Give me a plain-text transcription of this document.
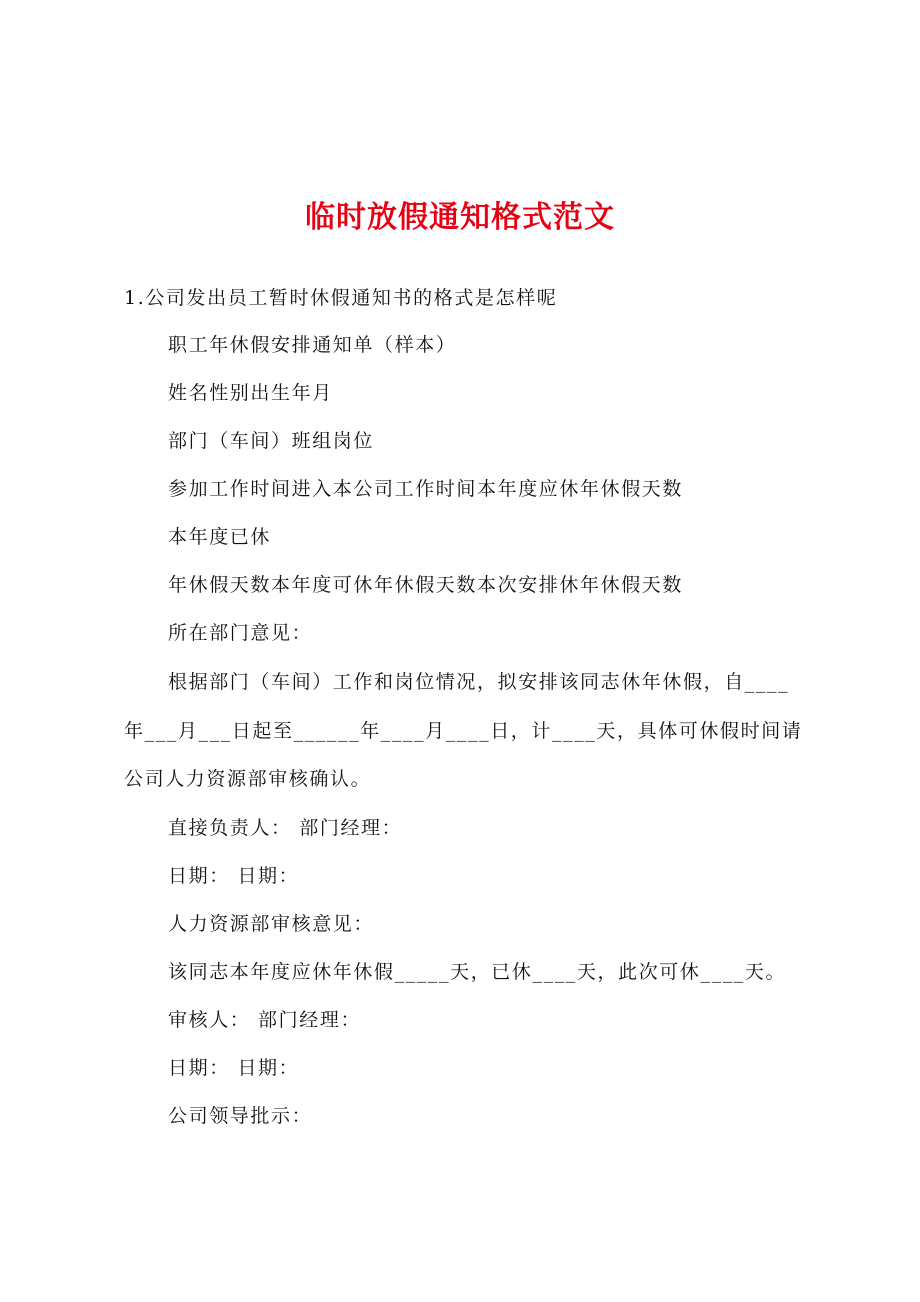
临时放假通知格式范文
1.公司发出员工暂时休假通知书的格式是怎样呢
职工年休假安排通知单（样本）
姓名性别出生年月
部门（车间）班组岗位
参加工作时间进入本公司工作时间本年度应休年休假天数
本年度已休
年休假天数本年度可休年休假天数本次安排休年休假天数
所在部门意见：
根据部门（车间）工作和岗位情况，拟安排该同志休年休假，自____
年___月___日起至______年____月____日，计____天，具体可休假时间请
公司人力资源部审核确认。
直接负责人： 部门经理：
日期： 日期：
人力资源部审核意见：
该同志本年度应休年休假_____天，已休____天，此次可休____天。
审核人： 部门经理：
日期： 日期：
公司领导批示：
